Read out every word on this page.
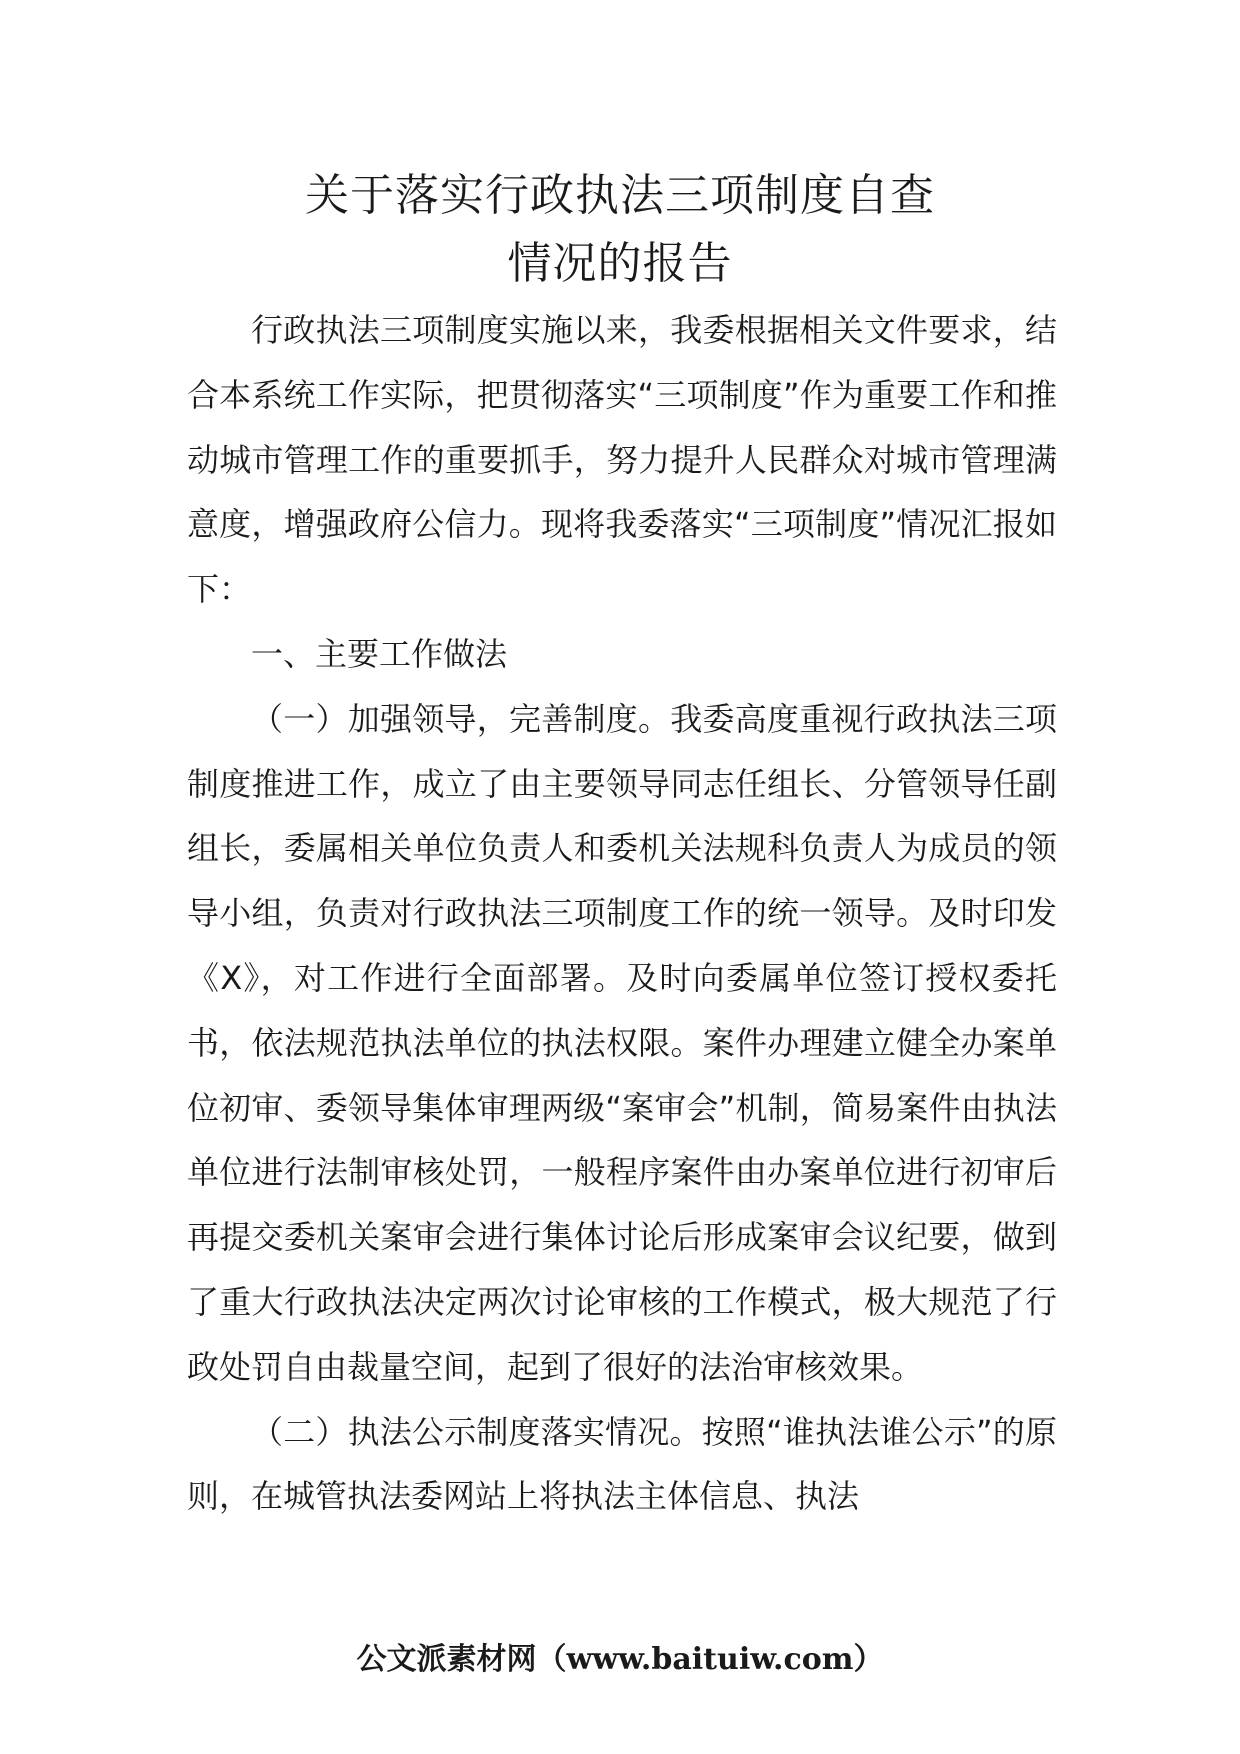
关于落实行政执法三项制度自查
情况的报告

行政执法三项制度实施以来，我委根据相关文件要求，结合本系统工作实际，把贯彻落实“三项制度”作为重要工作和推动城市管理工作的重要抓手，努力提升人民群众对城市管理满意度，增强政府公信力。现将我委落实“三项制度”情况汇报如下：

一、主要工作做法

（一）加强领导，完善制度。我委高度重视行政执法三项制度推进工作，成立了由主要领导同志任组长、分管领导任副组长，委属相关单位负责人和委机关法规科负责人为成员的领导小组，负责对行政执法三项制度工作的统一领导。及时印发《X》，对工作进行全面部署。及时向委属单位签订授权委托书，依法规范执法单位的执法权限。案件办理建立健全办案单位初审、委领导集体审理两级“案审会”机制，简易案件由执法单位进行法制审核处罚，一般程序案件由办案单位进行初审后再提交委机关案审会进行集体讨论后形成案审会议纪要，做到了重大行政执法决定两次讨论审核的工作模式，极大规范了行政处罚自由裁量空间，起到了很好的法治审核效果。

（二）执法公示制度落实情况。按照“谁执法谁公示”的原则，在城管执法委网站上将执法主体信息、执法

公文派素材网（www.baituiw.com）
